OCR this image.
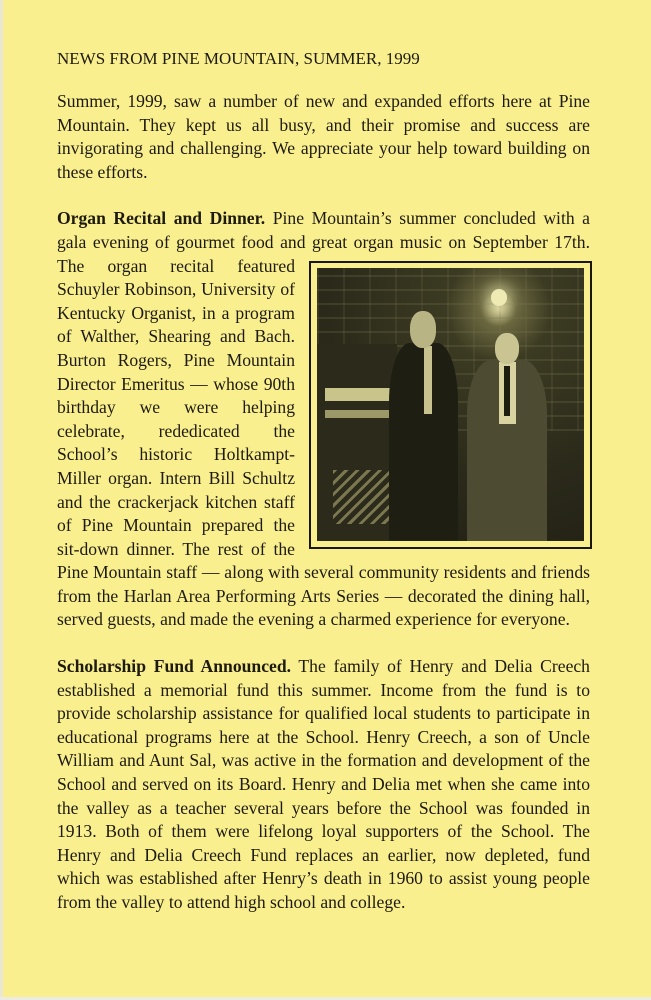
NEWS FROM PINE MOUNTAIN, SUMMER, 1999

Summer, 1999, saw a number of new and expanded efforts here at Pine Mountain. They kept us all busy, and their promise and success are invigorating and challenging. We appreciate your help toward building on these efforts.

Organ Recital and Dinner. Pine Mountain’s summer concluded with a gala evening of gourmet food and great organ music on September 17th.
The organ recital featured Schuyler Robinson, University of Kentucky Organist, in a program of Walther, Shearing and Bach. Burton Rogers, Pine Mountain Director Emeritus — whose 90th birthday we were helping celebrate, rededicated the School’s historic Holtkampt-Miller organ. Intern Bill Schultz and the crackerjack kitchen staff of Pine Mountain prepared the sit-down dinner. The rest of the Pine Mountain staff — along with several community residents and friends from the Harlan Area Performing Arts Series — decorated the dining hall, served guests, and made the evening a charmed experience for everyone.

Scholarship Fund Announced. The family of Henry and Delia Creech established a memorial fund this summer. Income from the fund is to provide scholarship assistance for qualified local students to participate in educational programs here at the School. Henry Creech, a son of Uncle William and Aunt Sal, was active in the formation and development of the School and served on its Board. Henry and Delia met when she came into the valley as a teacher several years before the School was founded in 1913. Both of them were lifelong loyal supporters of the School. The Henry and Delia Creech Fund replaces an earlier, now depleted, fund which was established after Henry’s death in 1960 to assist young people from the valley to attend high school and college.
